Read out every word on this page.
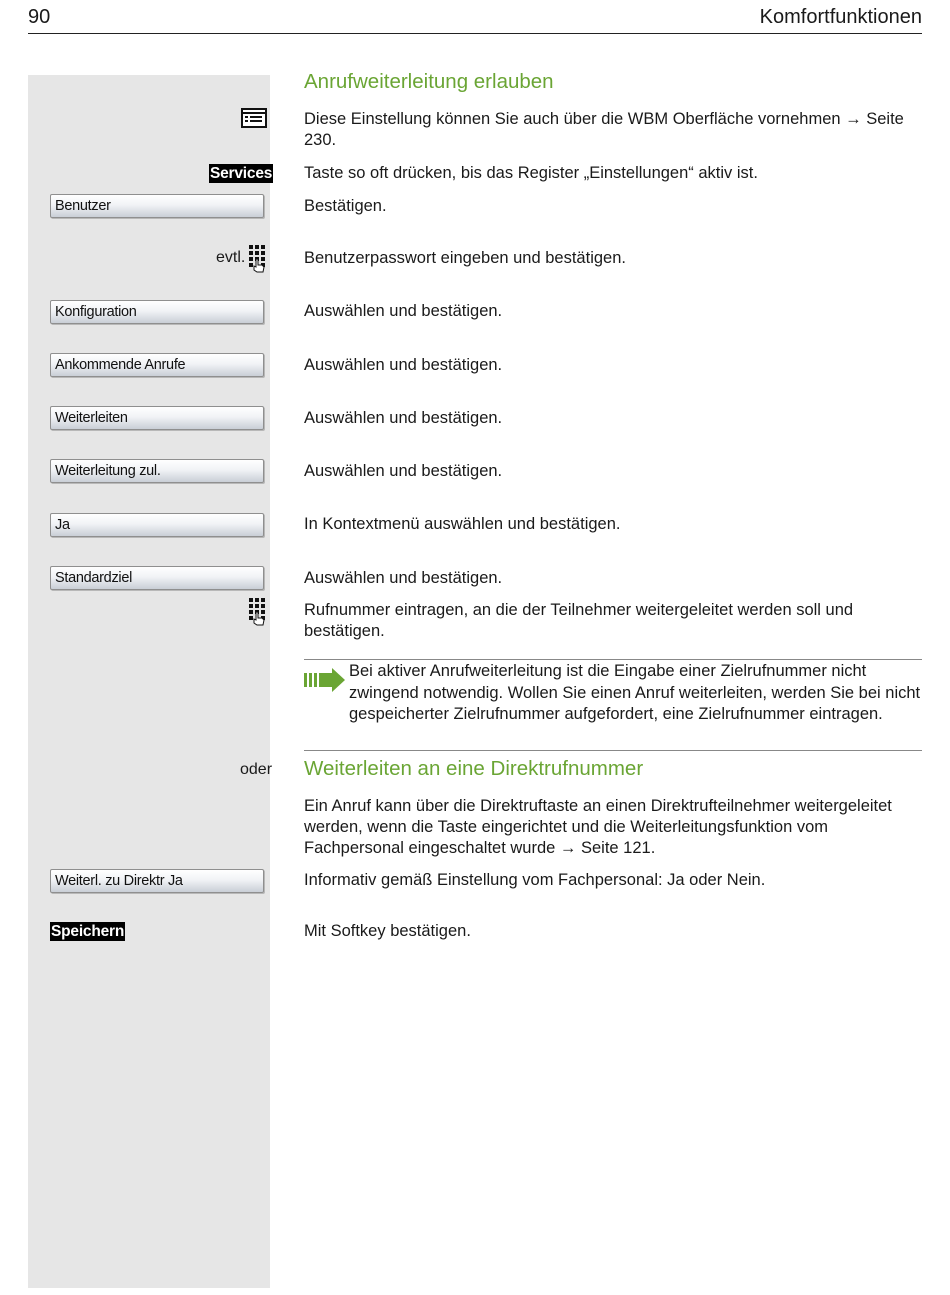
90	Komfortfunktionen
Anrufweiterleitung erlauben
Diese Einstellung können Sie auch über die WBM Oberfläche vornehmen → Seite 230.
Services Taste so oft drücken, bis das Register „Einstellungen“ aktiv ist.
Benutzer	Bestätigen.
evtl.	Benutzerpasswort eingeben und bestätigen.
Konfiguration	Auswählen und bestätigen.
Ankommende Anrufe	Auswählen und bestätigen.
Weiterleiten	Auswählen und bestätigen.
Weiterleitung zul.	Auswählen und bestätigen.
Ja	In Kontextmenü auswählen und bestätigen.
Standardziel	Auswählen und bestätigen.
Rufnummer eintragen, an die der Teilnehmer weitergeleitet werden soll und bestätigen.
Bei aktiver Anrufweiterleitung ist die Eingabe einer Zielrufnummer nicht zwingend notwendig. Wollen Sie einen Anruf weiterleiten, werden Sie bei nicht gespeicherter Zielrufnummer aufgefordert, eine Zielrufnummer eintragen.
oder Weiterleiten an eine Direktrufnummer
Ein Anruf kann über die Direktruftaste an einen Direktrufteilnehmer weitergeleitet werden, wenn die Taste eingerichtet und die Weiterleitungsfunktion vom Fachpersonal eingeschaltet wurde → Seite 121.
Weiterl. zu Direktr Ja	Informativ gemäß Einstellung vom Fachpersonal: Ja oder Nein.
Speichern	Mit Softkey bestätigen.
